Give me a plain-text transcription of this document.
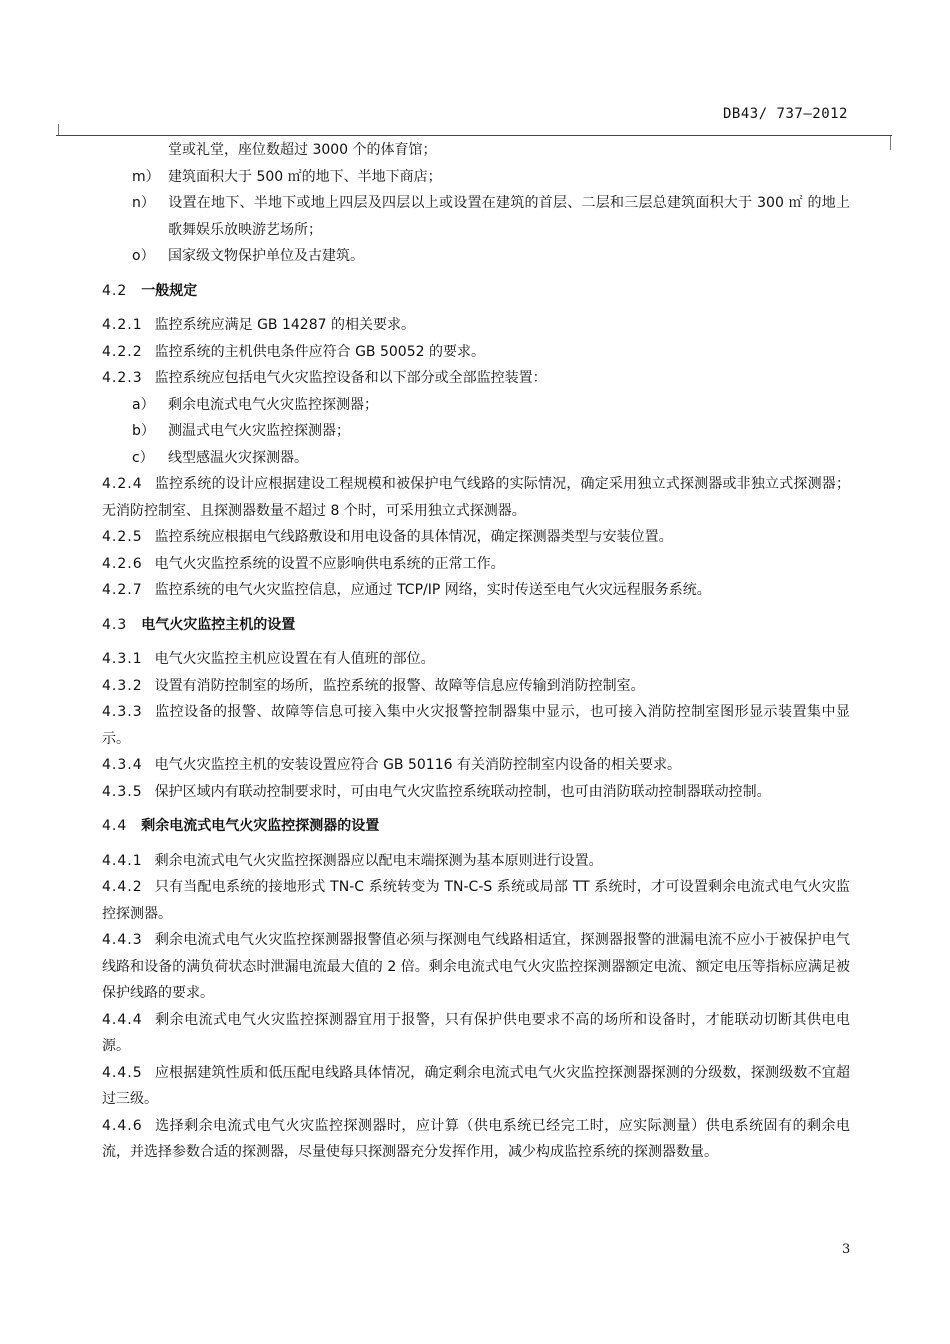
DB43/ 737—2012

堂或礼堂，座位数超过 3000 个的体育馆；

m） 建筑面积大于 500 ㎡的地下、半地下商店；

n） 设置在地下、半地下或地上四层及四层以上或设置在建筑的首层、二层和三层总建筑面积大于 300 ㎡ 的地上歌舞娱乐放映游艺场所；

o） 国家级文物保护单位及古建筑。

4.2 一般规定

4.2.1 监控系统应满足 GB 14287 的相关要求。

4.2.2 监控系统的主机供电条件应符合 GB 50052 的要求。

4.2.3 监控系统应包括电气火灾监控设备和以下部分或全部监控装置：

a） 剩余电流式电气火灾监控探测器；

b） 测温式电气火灾监控探测器；

c） 线型感温火灾探测器。

4.2.4 监控系统的设计应根据建设工程规模和被保护电气线路的实际情况，确定采用独立式探测器或非独立式探测器；无消防控制室、且探测器数量不超过 8 个时，可采用独立式探测器。

4.2.5 监控系统应根据电气线路敷设和用电设备的具体情况，确定探测器类型与安装位置。

4.2.6 电气火灾监控系统的设置不应影响供电系统的正常工作。

4.2.7 监控系统的电气火灾监控信息，应通过 TCP/IP 网络，实时传送至电气火灾远程服务系统。

4.3 电气火灾监控主机的设置

4.3.1 电气火灾监控主机应设置在有人值班的部位。

4.3.2 设置有消防控制室的场所，监控系统的报警、故障等信息应传输到消防控制室。

4.3.3 监控设备的报警、故障等信息可接入集中火灾报警控制器集中显示，也可接入消防控制室图形显示装置集中显示。

4.3.4 电气火灾监控主机的安装设置应符合 GB 50116 有关消防控制室内设备的相关要求。

4.3.5 保护区域内有联动控制要求时，可由电气火灾监控系统联动控制，也可由消防联动控制器联动控制。

4.4 剩余电流式电气火灾监控探测器的设置

4.4.1 剩余电流式电气火灾监控探测器应以配电末端探测为基本原则进行设置。

4.4.2 只有当配电系统的接地形式 TN-C 系统转变为 TN-C-S 系统或局部 TT 系统时，才可设置剩余电流式电气火灾监控探测器。

4.4.3 剩余电流式电气火灾监控探测器报警值必须与探测电气线路相适宜，探测器报警的泄漏电流不应小于被保护电气线路和设备的满负荷状态时泄漏电流最大值的 2 倍。剩余电流式电气火灾监控探测器额定电流、额定电压等指标应满足被保护线路的要求。

4.4.4 剩余电流式电气火灾监控探测器宜用于报警，只有保护供电要求不高的场所和设备时，才能联动切断其供电电源。

4.4.5 应根据建筑性质和低压配电线路具体情况，确定剩余电流式电气火灾监控探测器探测的分级数，探测级数不宜超过三级。

4.4.6 选择剩余电流式电气火灾监控探测器时，应计算（供电系统已经完工时，应实际测量）供电系统固有的剩余电流，并选择参数合适的探测器，尽量使每只探测器充分发挥作用，减少构成监控系统的探测器数量。

3
